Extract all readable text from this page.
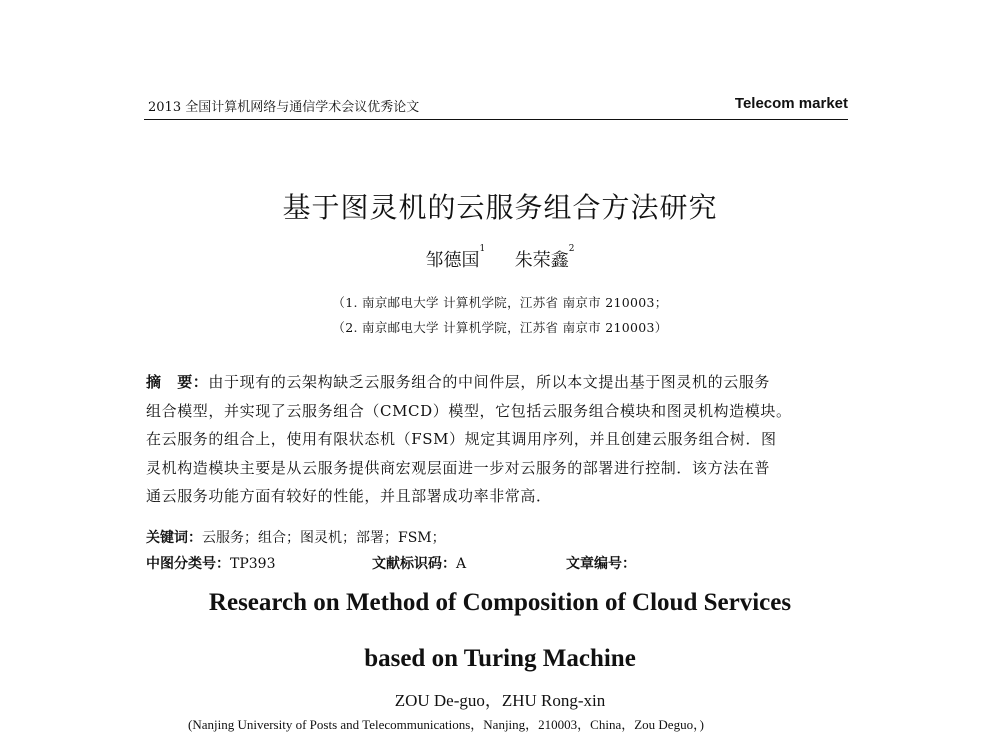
2013 全国计算机网络与通信学术会议优秀论文	Telecom market
基于图灵机的云服务组合方法研究
邹德国$^1$  朱荣鑫$^2$
（1. 南京邮电大学 计算机学院，江苏省 南京市 210003；
（2. 南京邮电大学 计算机学院，江苏省 南京市 210003）
摘　要：由于现有的云架构缺乏云服务组合的中间件层，所以本文提出基于图灵机的云服务
组合模型，并实现了云服务组合（CMCD）模型，它包括云服务组合模块和图灵机构造模块。
在云服务的组合上，使用有限状态机（FSM）规定其调用序列，并且创建云服务组合树．图
灵机构造模块主要是从云服务提供商宏观层面进一步对云服务的部署进行控制．该方法在普
通云服务功能方面有较好的性能，并且部署成功率非常高．
关键词：云服务；组合；图灵机；部署；FSM；
中图分类号：TP393	文献标识码：A	文章编号：
Research on Method of Composition of Cloud Services
based on Turing Machine
ZOU De-guo，ZHU Rong-xin
(Nanjing University of Posts and Telecommunications，Nanjing，210003，China，Zou Deguo，)
